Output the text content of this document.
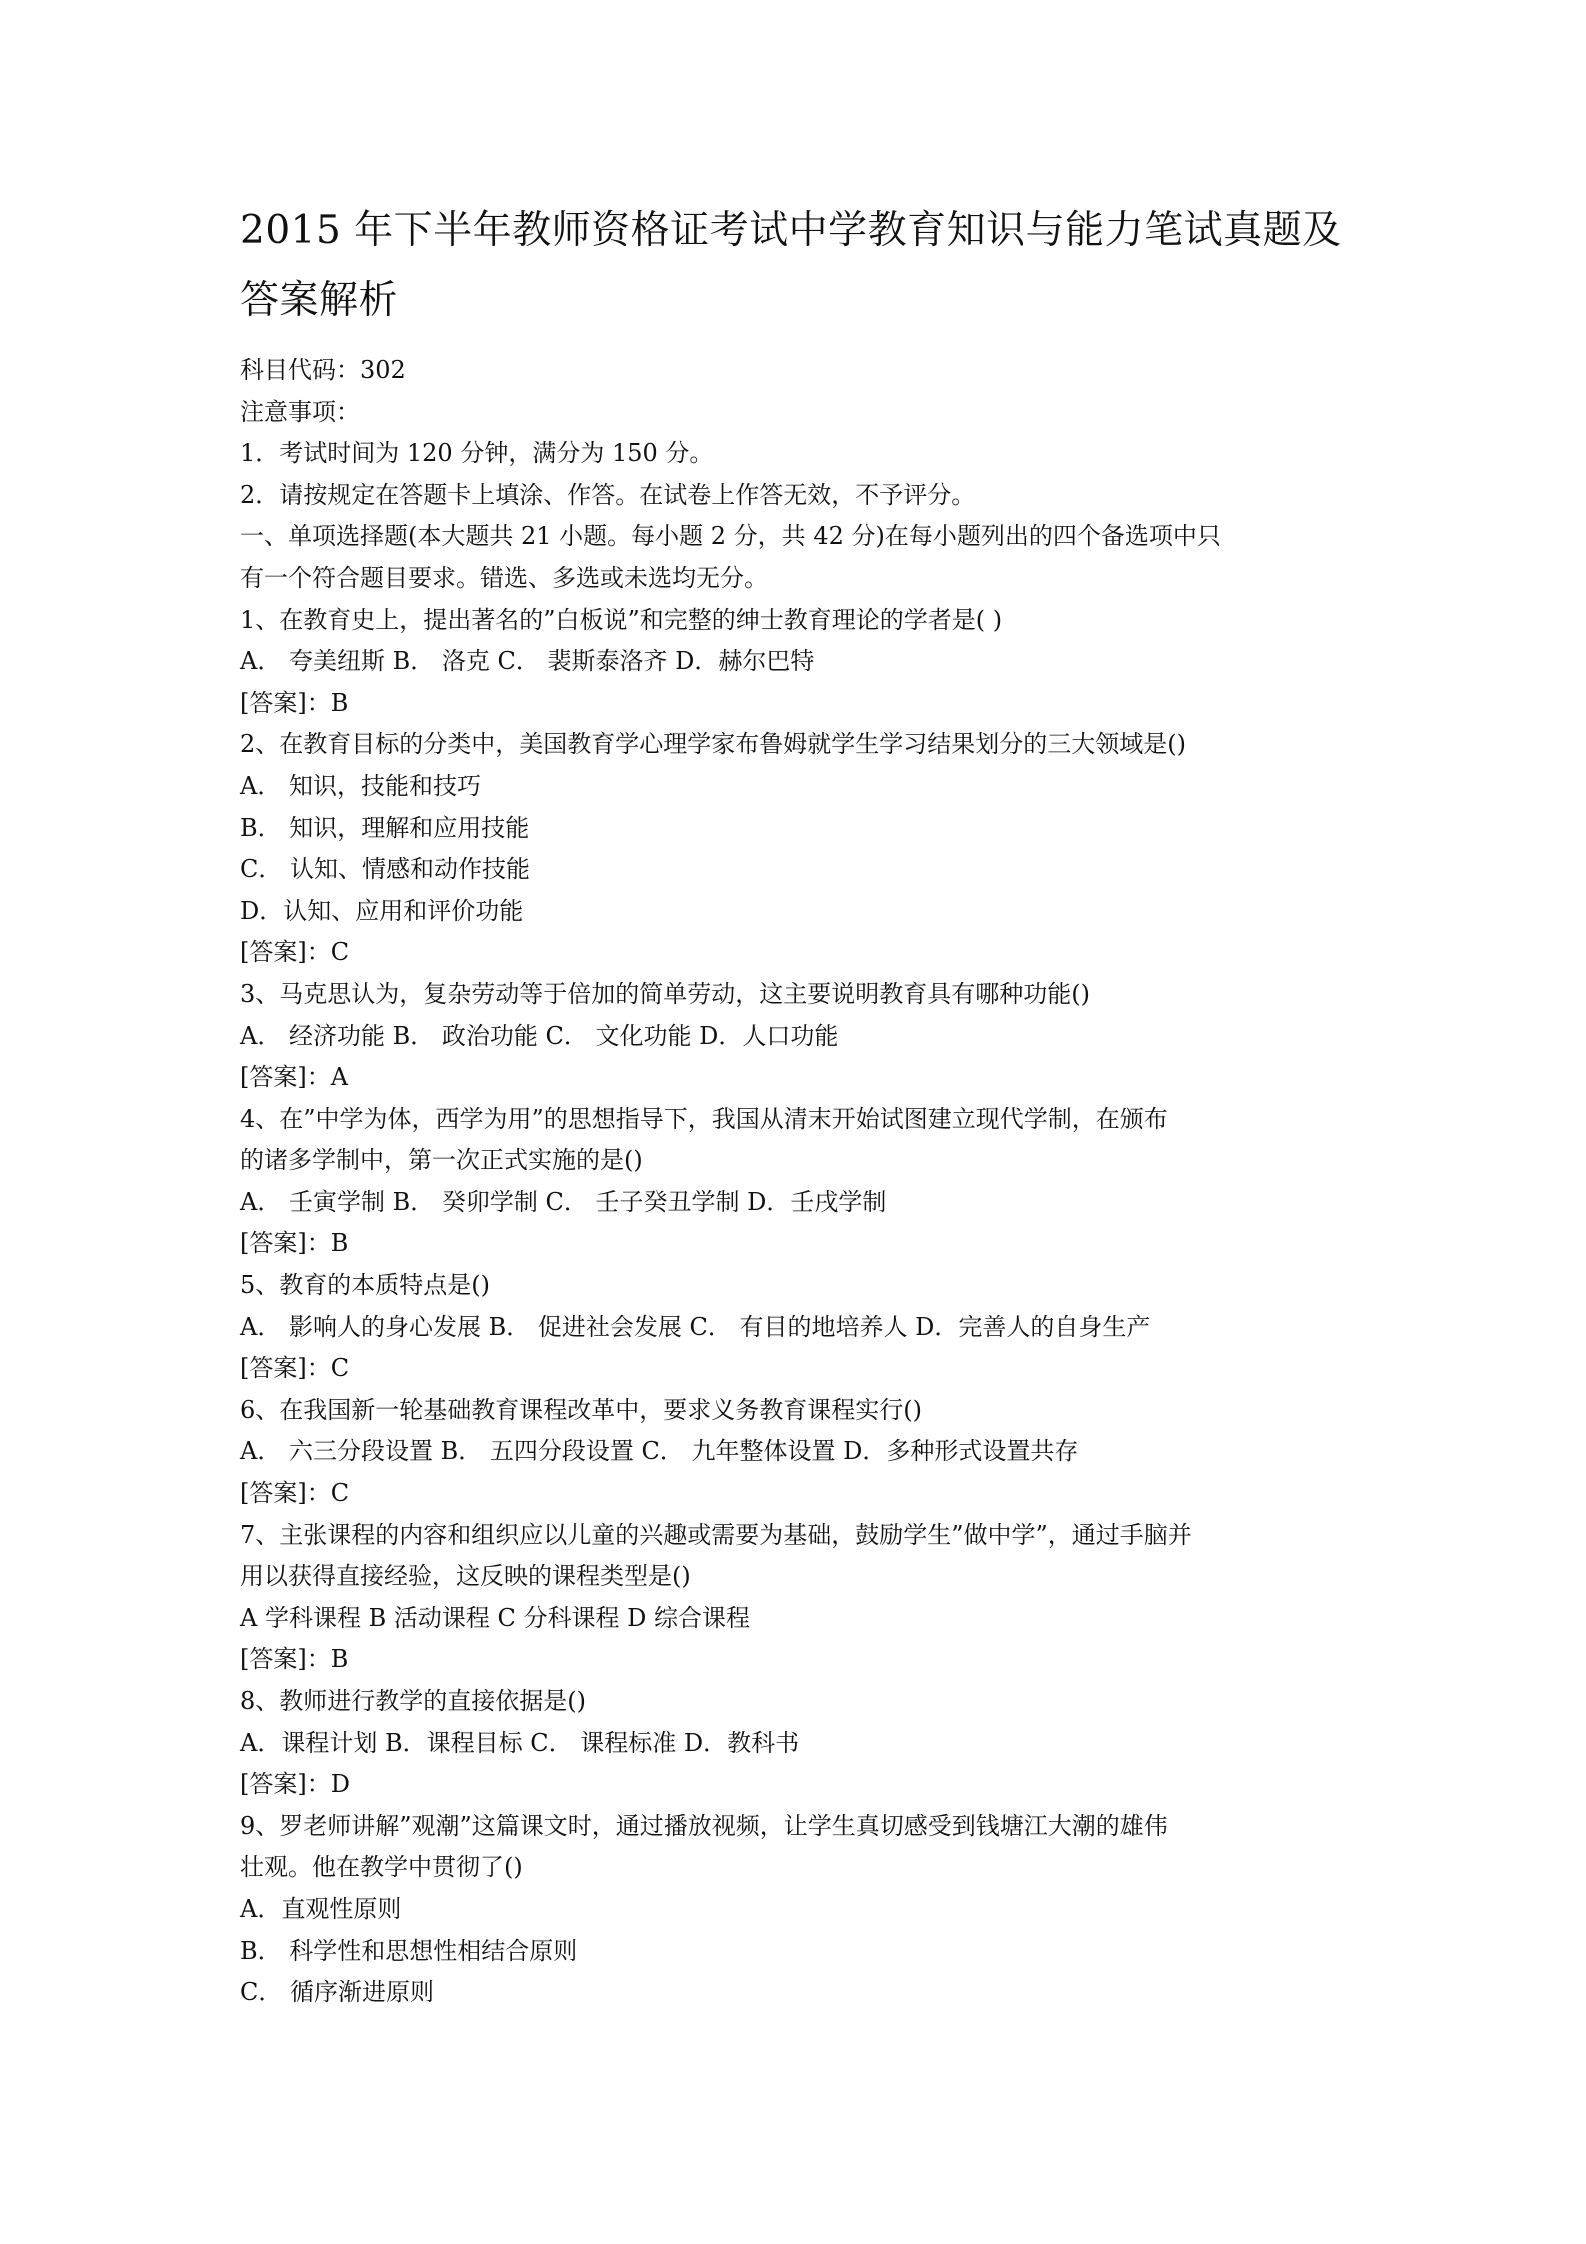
2015 年下半年教师资格证考试中学教育知识与能力笔试真题及答案解析
科目代码：302
注意事项：
1．考试时间为 120 分钟，满分为 150 分。
2．请按规定在答题卡上填涂、作答。在试卷上作答无效，不予评分。
一、单项选择题(本大题共 21 小题。每小题 2 分，共 42 分)在每小题列出的四个备选项中只
有一个符合题目要求。错选、多选或未选均无分。
1、在教育史上，提出著名的”白板说”和完整的绅士教育理论的学者是( )
A． 夸美纽斯 B． 洛克 C． 裴斯泰洛齐 D．赫尔巴特
[答案]：B
2、在教育目标的分类中，美国教育学心理学家布鲁姆就学生学习结果划分的三大领域是()
A． 知识，技能和技巧
B． 知识，理解和应用技能
C． 认知、情感和动作技能
D．认知、应用和评价功能
[答案]：C
3、马克思认为，复杂劳动等于倍加的简单劳动，这主要说明教育具有哪种功能()
A． 经济功能 B． 政治功能 C． 文化功能 D．人口功能
[答案]：A
4、在”中学为体，西学为用”的思想指导下，我国从清末开始试图建立现代学制，在颁布
的诸多学制中，第一次正式实施的是()
A． 壬寅学制 B． 癸卯学制 C． 壬子癸丑学制 D．壬戌学制
[答案]：B
5、教育的本质特点是()
A． 影响人的身心发展 B． 促进社会发展 C． 有目的地培养人 D．完善人的自身生产
[答案]：C
6、在我国新一轮基础教育课程改革中，要求义务教育课程实行()
A． 六三分段设置 B． 五四分段设置 C． 九年整体设置 D．多种形式设置共存
[答案]：C
7、主张课程的内容和组织应以儿童的兴趣或需要为基础，鼓励学生”做中学”，通过手脑并
用以获得直接经验，这反映的课程类型是()
A 学科课程 B 活动课程 C 分科课程 D 综合课程
[答案]：B
8、教师进行教学的直接依据是()
A．课程计划 B．课程目标 C． 课程标准 D．教科书
[答案]：D
9、罗老师讲解”观潮”这篇课文时，通过播放视频，让学生真切感受到钱塘江大潮的雄伟
壮观。他在教学中贯彻了()
A．直观性原则
B． 科学性和思想性相结合原则
C． 循序渐进原则
